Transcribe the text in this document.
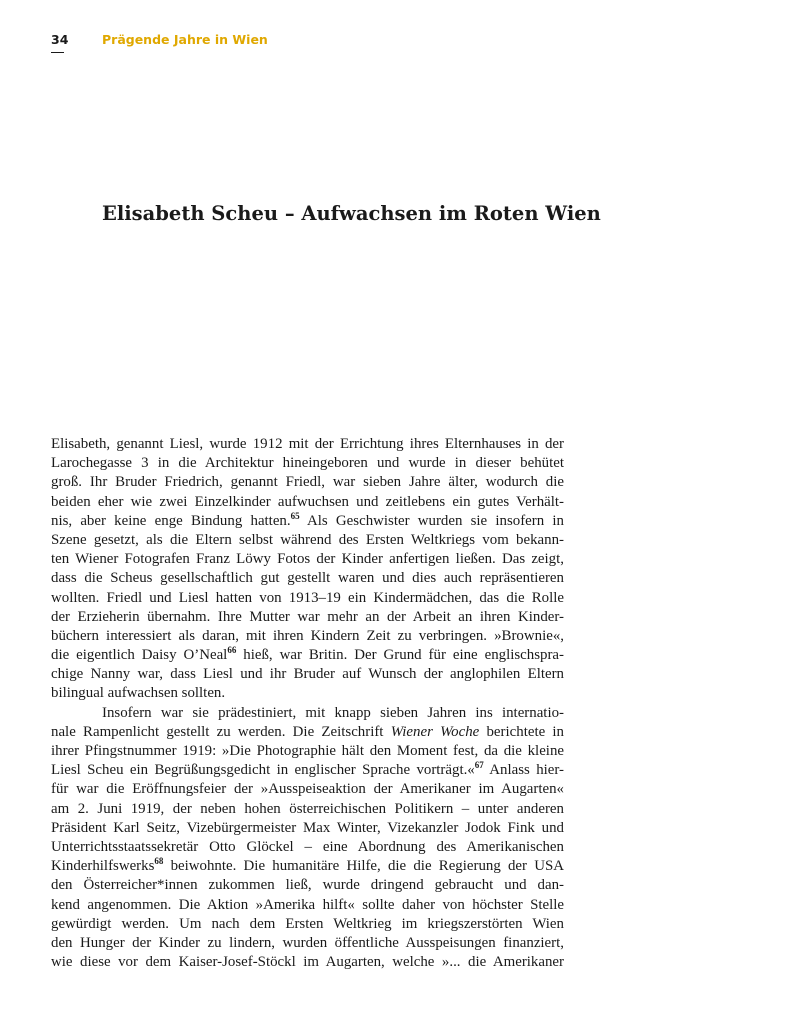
34	Prägende Jahre in Wien
Elisabeth Scheu – Aufwachsen im Roten Wien
Elisabeth, genannt Liesl, wurde 1912 mit der Errichtung ihres Elternhauses in der
Larochegasse 3 in die Architektur hineingeboren und wurde in dieser behütet
groß. Ihr Bruder Friedrich, genannt Friedl, war sieben Jahre älter, wodurch die
beiden eher wie zwei Einzelkinder aufwuchsen und zeitlebens ein gutes Verhält-
nis, aber keine enge Bindung hatten.$^{65}$ Als Geschwister wurden sie insofern in
Szene gesetzt, als die Eltern selbst während des Ersten Weltkriegs vom bekann-
ten Wiener Fotografen Franz Löwy Fotos der Kinder anfertigen ließen. Das zeigt,
dass die Scheus gesellschaftlich gut gestellt waren und dies auch repräsentieren
wollten. Friedl und Liesl hatten von 1913–19 ein Kindermädchen, das die Rolle
der Erzieherin übernahm. Ihre Mutter war mehr an der Arbeit an ihren Kinder-
büchern interessiert als daran, mit ihren Kindern Zeit zu verbringen. »Brownie«,
die eigentlich Daisy O’Neal$^{66}$ hieß, war Britin. Der Grund für eine englischspra-
chige Nanny war, dass Liesl und ihr Bruder auf Wunsch der anglophilen Eltern
bilingual aufwachsen sollten.
Insofern war sie prädestiniert, mit knapp sieben Jahren ins internatio-
nale Rampenlicht gestellt zu werden. Die Zeitschrift Wiener Woche berichtete in
ihrer Pfingstnummer 1919: »Die Photographie hält den Moment fest, da die kleine
Liesl Scheu ein Begrüßungsgedicht in englischer Sprache vorträgt.«$^{67}$ Anlass hier-
für war die Eröffnungsfeier der »Ausspeiseaktion der Amerikaner im Augarten«
am 2. Juni 1919, der neben hohen österreichischen Politikern – unter anderen
Präsident Karl Seitz, Vizebürgermeister Max Winter, Vizekanzler Jodok Fink und
Unterrichtsstaatssekretär Otto Glöckel – eine Abordnung des Amerikanischen
Kinderhilfswerks$^{68}$ beiwohnte. Die humanitäre Hilfe, die die Regierung der USA
den Österreicher*innen zukommen ließ, wurde dringend gebraucht und dan-
kend angenommen. Die Aktion »Amerika hilft« sollte daher von höchster Stelle
gewürdigt werden. Um nach dem Ersten Weltkrieg im kriegszerstörten Wien
den Hunger der Kinder zu lindern, wurden öffentliche Ausspeisungen finanziert,
wie diese vor dem Kaiser-Josef-Stöckl im Augarten, welche »... die Amerikaner
